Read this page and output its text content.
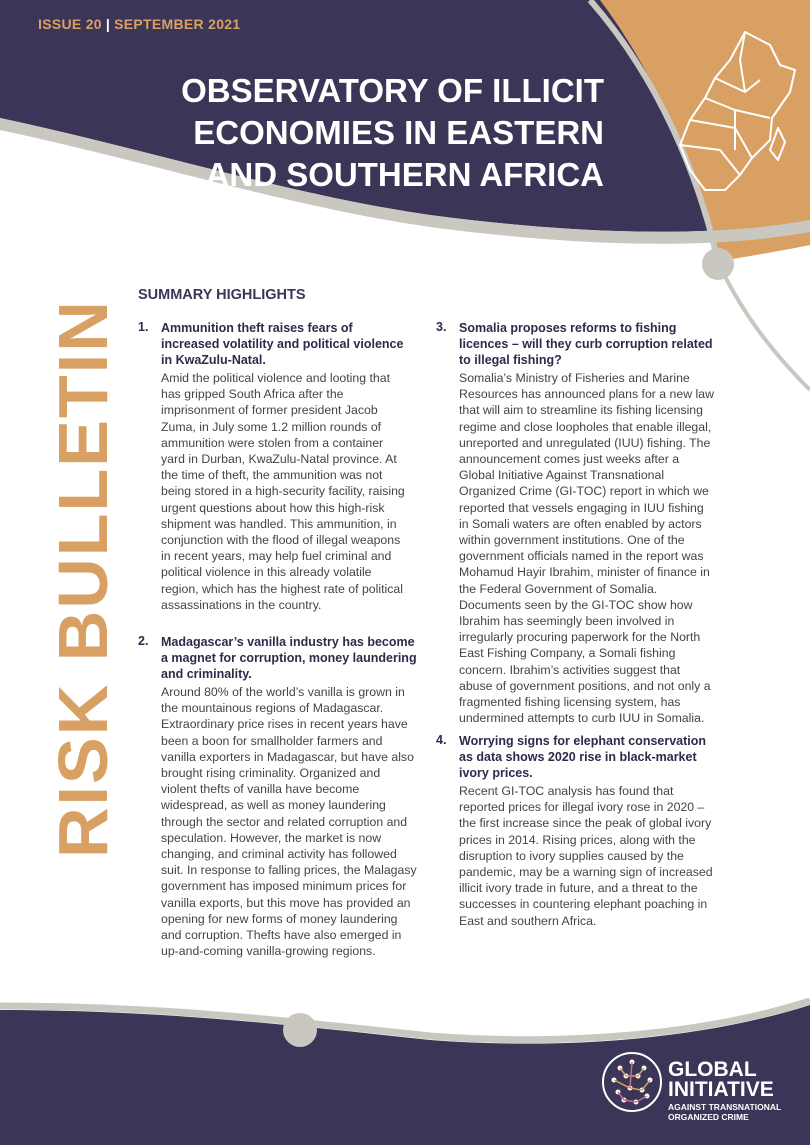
ISSUE 20 | SEPTEMBER 2021
OBSERVATORY OF ILLICIT
ECONOMIES IN EASTERN
AND SOUTHERN AFRICA
RISK BULLETIN
SUMMARY HIGHLIGHTS
1. Ammunition theft raises fears of increased volatility and political violence in KwaZulu-Natal.
Amid the political violence and looting that has gripped South Africa after the imprisonment of former president Jacob Zuma, in July some 1.2 million rounds of ammunition were stolen from a container yard in Durban, KwaZulu-Natal province. At the time of theft, the ammunition was not being stored in a high-security facility, raising urgent questions about how this high-risk shipment was handled. This ammunition, in conjunction with the flood of illegal weapons in recent years, may help fuel criminal and political violence in this already volatile region, which has the highest rate of political assassinations in the country.
2. Madagascar’s vanilla industry has become a magnet for corruption, money laundering and criminality.
Around 80% of the world’s vanilla is grown in the mountainous regions of Madagascar. Extraordinary price rises in recent years have been a boon for smallholder farmers and vanilla exporters in Madagascar, but have also brought rising criminality. Organized and violent thefts of vanilla have become widespread, as well as money laundering through the sector and related corruption and speculation. However, the market is now changing, and criminal activity has followed suit. In response to falling prices, the Malagasy government has imposed minimum prices for vanilla exports, but this move has provided an opening for new forms of money laundering and corruption. Thefts have also emerged in up-and-coming vanilla-growing regions.
3. Somalia proposes reforms to fishing licences – will they curb corruption related to illegal fishing?
Somalia’s Ministry of Fisheries and Marine Resources has announced plans for a new law that will aim to streamline its fishing licensing regime and close loopholes that enable illegal, unreported and unregulated (IUU) fishing. The announcement comes just weeks after a Global Initiative Against Transnational Organized Crime (GI-TOC) report in which we reported that vessels engaging in IUU fishing in Somali waters are often enabled by actors within government institutions. One of the government officials named in the report was Mohamud Hayir Ibrahim, minister of finance in the Federal Government of Somalia. Documents seen by the GI-TOC show how Ibrahim has seemingly been involved in irregularly procuring paperwork for the North East Fishing Company, a Somali fishing concern. Ibrahim’s activities suggest that abuse of government positions, and not only a fragmented fishing licensing system, has undermined attempts to curb IUU in Somalia.
4. Worrying signs for elephant conservation as data shows 2020 rise in black-market ivory prices.
Recent GI-TOC analysis has found that reported prices for illegal ivory rose in 2020 – the first increase since the peak of global ivory prices in 2014. Rising prices, along with the disruption to ivory supplies caused by the pandemic, may be a warning sign of increased illicit ivory trade in future, and a threat to the successes in countering elephant poaching in East and southern Africa.
GLOBAL
INITIATIVE
AGAINST TRANSNATIONAL
ORGANIZED CRIME
